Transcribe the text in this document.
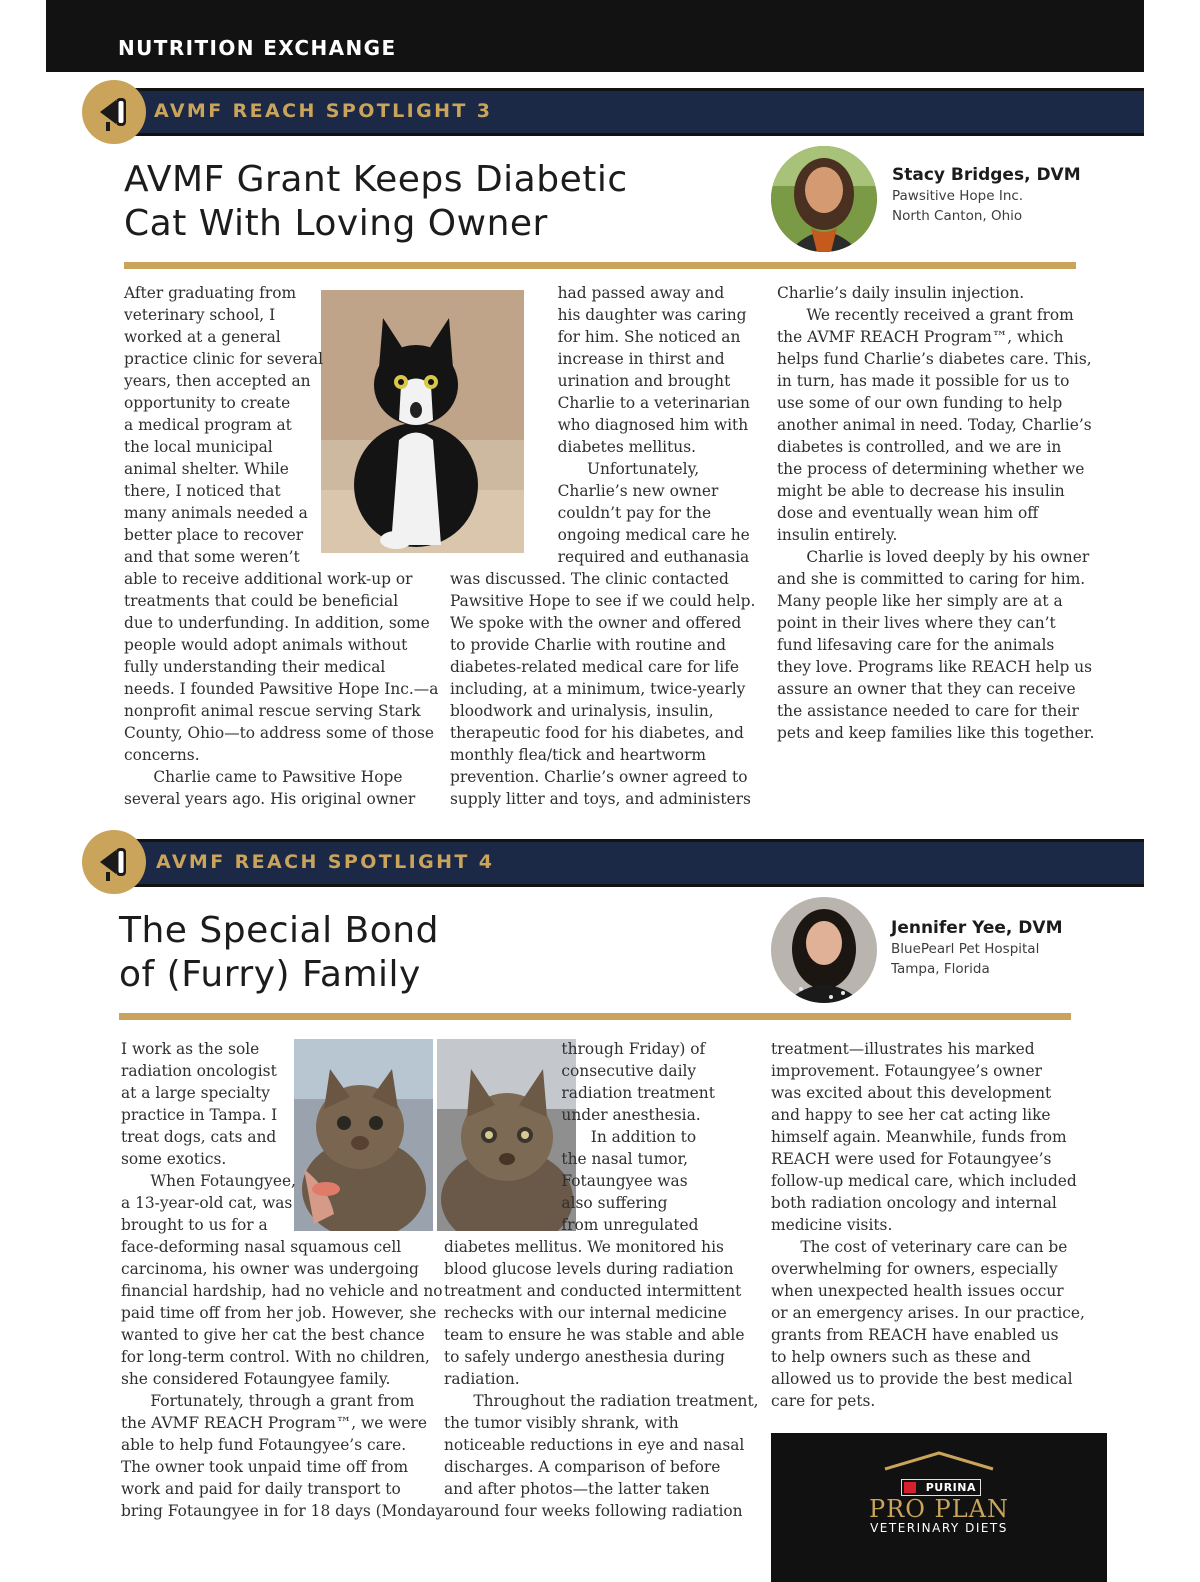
NUTRITION EXCHANGE
AVMF REACH SPOTLIGHT 3
AVMF Grant Keeps Diabetic
Cat With Loving Owner
Stacy Bridges, DVM
Pawsitive Hope Inc.
North Canton, Ohio
After graduating from
veterinary school, I
worked at a general
practice clinic for several
years, then accepted an
opportunity to create
a medical program at
the local municipal
animal shelter. While
there, I noticed that
many animals needed a
better place to recover
and that some weren’t
able to receive additional work-up or
treatments that could be beneficial
due to underfunding. In addition, some
people would adopt animals without
fully understanding their medical
needs. I founded Pawsitive Hope Inc.—a
nonprofit animal rescue serving Stark
County, Ohio—to address some of those
concerns.
Charlie came to Pawsitive Hope
several years ago. His original owner
had passed away and
his daughter was caring
for him. She noticed an
increase in thirst and
urination and brought
Charlie to a veterinarian
who diagnosed him with
diabetes mellitus.
Unfortunately,
Charlie’s new owner
couldn’t pay for the
ongoing medical care he
required and euthanasia
was discussed. The clinic contacted
Pawsitive Hope to see if we could help.
We spoke with the owner and offered
to provide Charlie with routine and
diabetes-related medical care for life
including, at a minimum, twice-yearly
bloodwork and urinalysis, insulin,
therapeutic food for his diabetes, and
monthly flea/tick and heartworm
prevention. Charlie’s owner agreed to
supply litter and toys, and administers
Charlie’s daily insulin injection.
We recently received a grant from
the AVMF REACH Program™, which
helps fund Charlie’s diabetes care. This,
in turn, has made it possible for us to
use some of our own funding to help
another animal in need. Today, Charlie’s
diabetes is controlled, and we are in
the process of determining whether we
might be able to decrease his insulin
dose and eventually wean him off
insulin entirely.
Charlie is loved deeply by his owner
and she is committed to caring for him.
Many people like her simply are at a
point in their lives where they can’t
fund lifesaving care for the animals
they love. Programs like REACH help us
assure an owner that they can receive
the assistance needed to care for their
pets and keep families like this together.
AVMF REACH SPOTLIGHT 4
The Special Bond
of (Furry) Family
Jennifer Yee, DVM
BluePearl Pet Hospital
Tampa, Florida
I work as the sole
radiation oncologist
at a large specialty
practice in Tampa. I
treat dogs, cats and
some exotics.
When Fotaungyee,
a 13-year-old cat, was
brought to us for a
face-deforming nasal squamous cell
carcinoma, his owner was undergoing
financial hardship, had no vehicle and no
paid time off from her job. However, she
wanted to give her cat the best chance
for long-term control. With no children,
she considered Fotaungyee family.
Fortunately, through a grant from
the AVMF REACH Program™, we were
able to help fund Fotaungyee’s care.
The owner took unpaid time off from
work and paid for daily transport to
bring Fotaungyee in for 18 days (Monday
through Friday) of
consecutive daily
radiation treatment
under anesthesia.
In addition to
the nasal tumor,
Fotaungyee was
also suffering
from unregulated
diabetes mellitus. We monitored his
blood glucose levels during radiation
treatment and conducted intermittent
rechecks with our internal medicine
team to ensure he was stable and able
to safely undergo anesthesia during
radiation.
Throughout the radiation treatment,
the tumor visibly shrank, with
noticeable reductions in eye and nasal
discharges. A comparison of before
and after photos—the latter taken
around four weeks following radiation
treatment—illustrates his marked
improvement. Fotaungyee’s owner
was excited about this development
and happy to see her cat acting like
himself again. Meanwhile, funds from
REACH were used for Fotaungyee’s
follow-up medical care, which included
both radiation oncology and internal
medicine visits.
The cost of veterinary care can be
overwhelming for owners, especially
when unexpected health issues occur
or an emergency arises. In our practice,
grants from REACH have enabled us
to help owners such as these and
allowed us to provide the best medical
care for pets.
PURINA
PRO PLAN
VETERINARY DIETS
